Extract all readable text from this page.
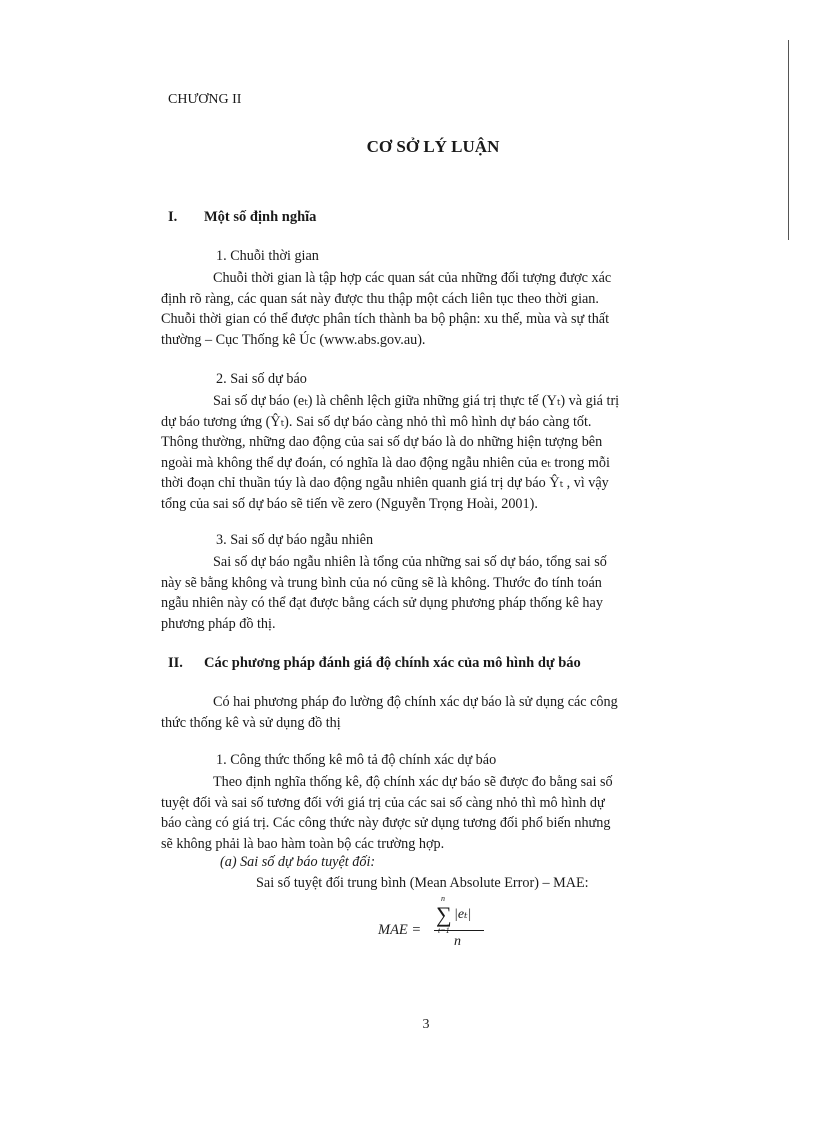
CHƯƠNG II
CƠ SỞ LÝ LUẬN
I. Một số định nghĩa
1. Chuỗi thời gian
Chuỗi thời gian là tập hợp các quan sát của những đối tượng được xác
định rõ ràng, các quan sát này được thu thập một cách liên tục theo thời gian.
Chuỗi thời gian có thể được phân tích thành ba bộ phận: xu thế, mùa và sự thất
thường – Cục Thống kê Úc (www.abs.gov.au).
2. Sai số dự báo
Sai số dự báo (eₜ) là chênh lệch giữa những giá trị thực tế (Yₜ) và giá trị
dự báo tương ứng (Ŷₜ). Sai số dự báo càng nhỏ thì mô hình dự báo càng tốt.
Thông thường, những dao động của sai số dự báo là do những hiện tượng bên
ngoài mà không thể dự đoán, có nghĩa là dao động ngẫu nhiên của eₜ trong mỗi
thời đoạn chỉ thuần túy là dao động ngẫu nhiên quanh giá trị dự báo Ŷₜ , vì vậy
tổng của sai số dự báo sẽ tiến về zero (Nguyễn Trọng Hoài, 2001).
3. Sai số dự báo ngẫu nhiên
Sai số dự báo ngẫu nhiên là tổng của những sai số dự báo, tổng sai số
này sẽ bằng không và trung bình của nó cũng sẽ là không. Thước đo tính toán
ngẫu nhiên này có thể đạt được bằng cách sử dụng phương pháp thống kê hay
phương pháp đồ thị.
II. Các phương pháp đánh giá độ chính xác của mô hình dự báo
Có hai phương pháp đo lường độ chính xác dự báo là sử dụng các công
thức thống kê và sử dụng đồ thị
1. Công thức thống kê mô tả độ chính xác dự báo
Theo định nghĩa thống kê, độ chính xác dự báo sẽ được đo bằng sai số
tuyệt đối và sai số tương đối với giá trị của các sai số càng nhỏ thì mô hình dự
báo càng có giá trị. Các công thức này được sử dụng tương đối phổ biến nhưng
sẽ không phải là bao hàm toàn bộ các trường hợp.
(a) Sai số dự báo tuyệt đối:
Sai số tuyệt đối trung bình (Mean Absolute Error) – MAE:
MAE =
n
∑
t=1
|eₜ|
n
3
